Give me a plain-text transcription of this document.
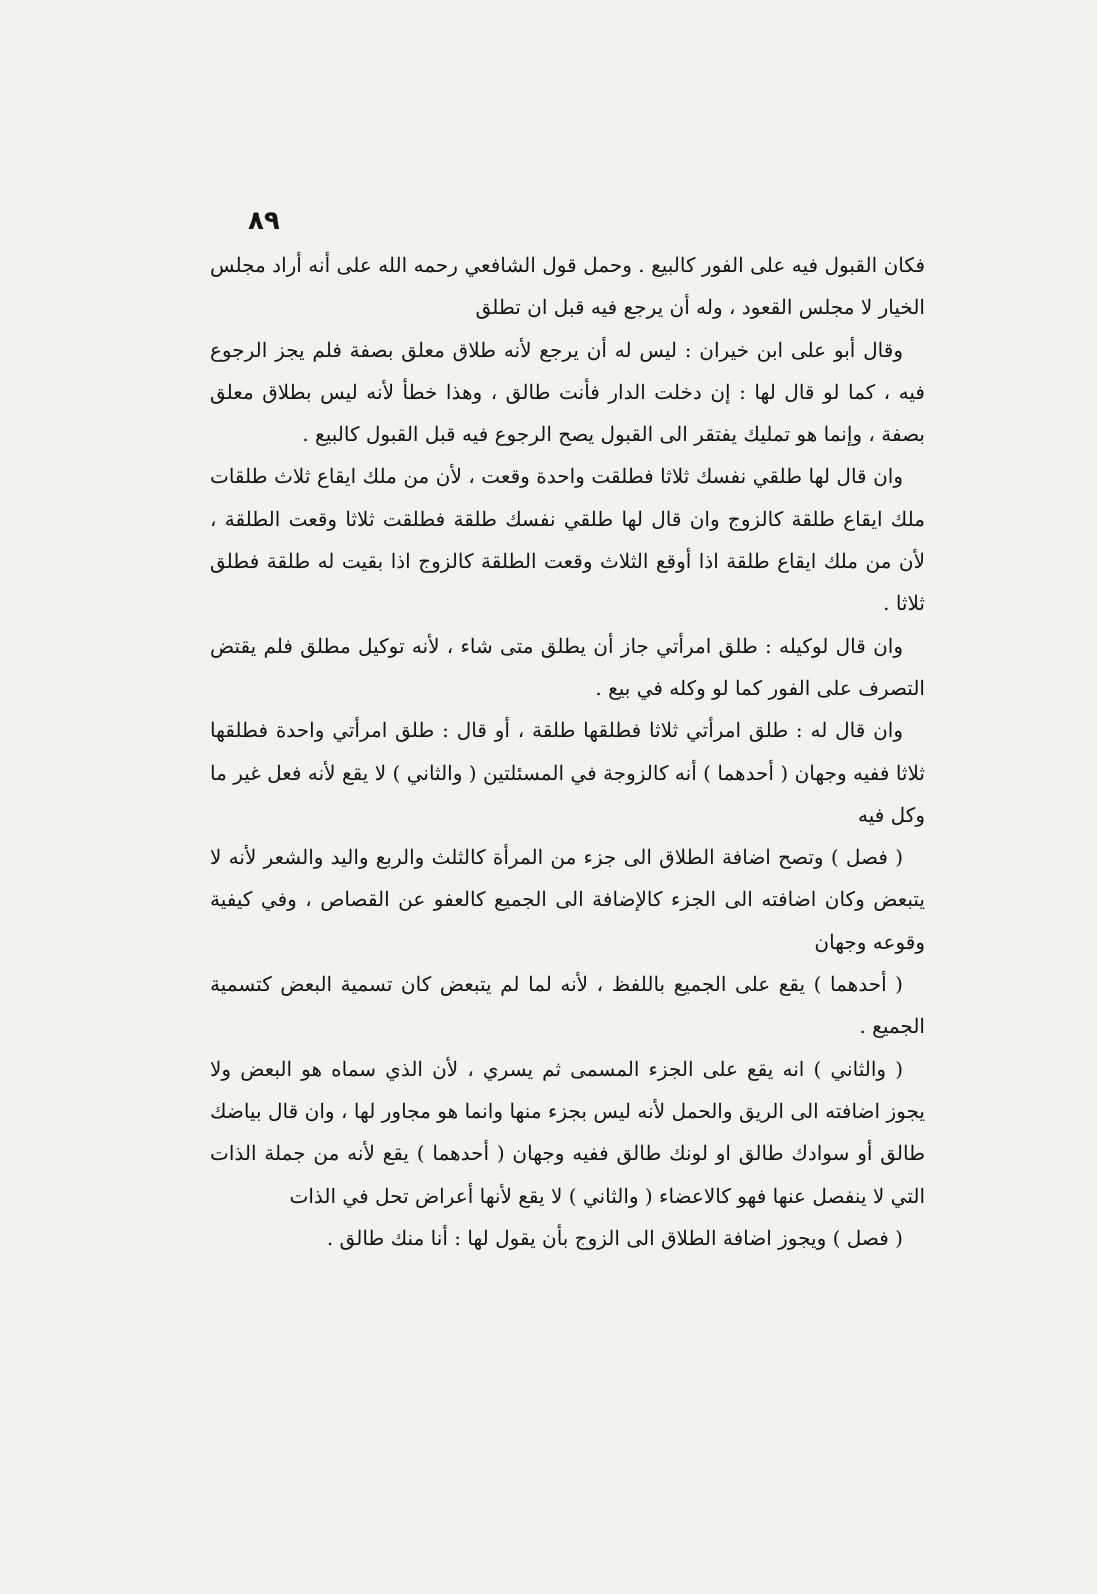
٨٩

فكان القبول فيه على الفور كالبيع . وحمل قول الشافعي رحمه الله على أنه أراد مجلس الخيار لا مجلس القعود ، وله أن يرجع فيه قبل ان تطلق

وقال أبو على ابن خيران : ليس له أن يرجع لأنه طلاق معلق بصفة فلم يجز الرجوع فيه ، كما لو قال لها : إن دخلت الدار فأنت طالق ، وهذا خطأ لأنه ليس بطلاق معلق بصفة ، وإنما هو تمليك يفتقر الى القبول يصح الرجوع فيه قبل القبول كالبيع .

وان قال لها طلقي نفسك ثلاثا فطلقت واحدة وقعت ، لأن من ملك ايقاع ثلاث طلقات ملك ايقاع طلقة كالزوج وان قال لها طلقي نفسك طلقة فطلقت ثلاثا وقعت الطلقة ، لأن من ملك ايقاع طلقة اذا أوقع الثلاث وقعت الطلقة كالزوج اذا بقيت له طلقة فطلق ثلاثا .

وان قال لوكيله : طلق امرأتي جاز أن يطلق متى شاء ، لأنه توكيل مطلق فلم يقتض التصرف على الفور كما لو وكله في بيع .

وان قال له : طلق امرأتي ثلاثا فطلقها طلقة ، أو قال : طلق امرأتي واحدة فطلقها ثلاثا ففيه وجهان ( أحدهما ) أنه كالزوجة في المسئلتين ( والثاني ) لا يقع لأنه فعل غير ما وكل فيه

( فصل ) وتصح اضافة الطلاق الى جزء من المرأة كالثلث والربع واليد والشعر لأنه لا يتبعض وكان اضافته الى الجزء كالإضافة الى الجميع كالعفو عن القصاص ، وفي كيفية وقوعه وجهان

( أحدهما ) يقع على الجميع باللفظ ، لأنه لما لم يتبعض كان تسمية البعض كتسمية الجميع .

( والثاني ) انه يقع على الجزء المسمى ثم يسري ، لأن الذي سماه هو البعض ولا يجوز اضافته الى الريق والحمل لأنه ليس بجزء منها وانما هو مجاور لها ، وان قال بياضك طالق أو سوادك طالق او لونك طالق ففيه وجهان ( أحدهما ) يقع لأنه من جملة الذات التي لا ينفصل عنها فهو كالاعضاء ( والثاني ) لا يقع لأنها أعراض تحل في الذات

( فصل ) ويجوز اضافة الطلاق الى الزوج بأن يقول لها : أنا منك طالق .
